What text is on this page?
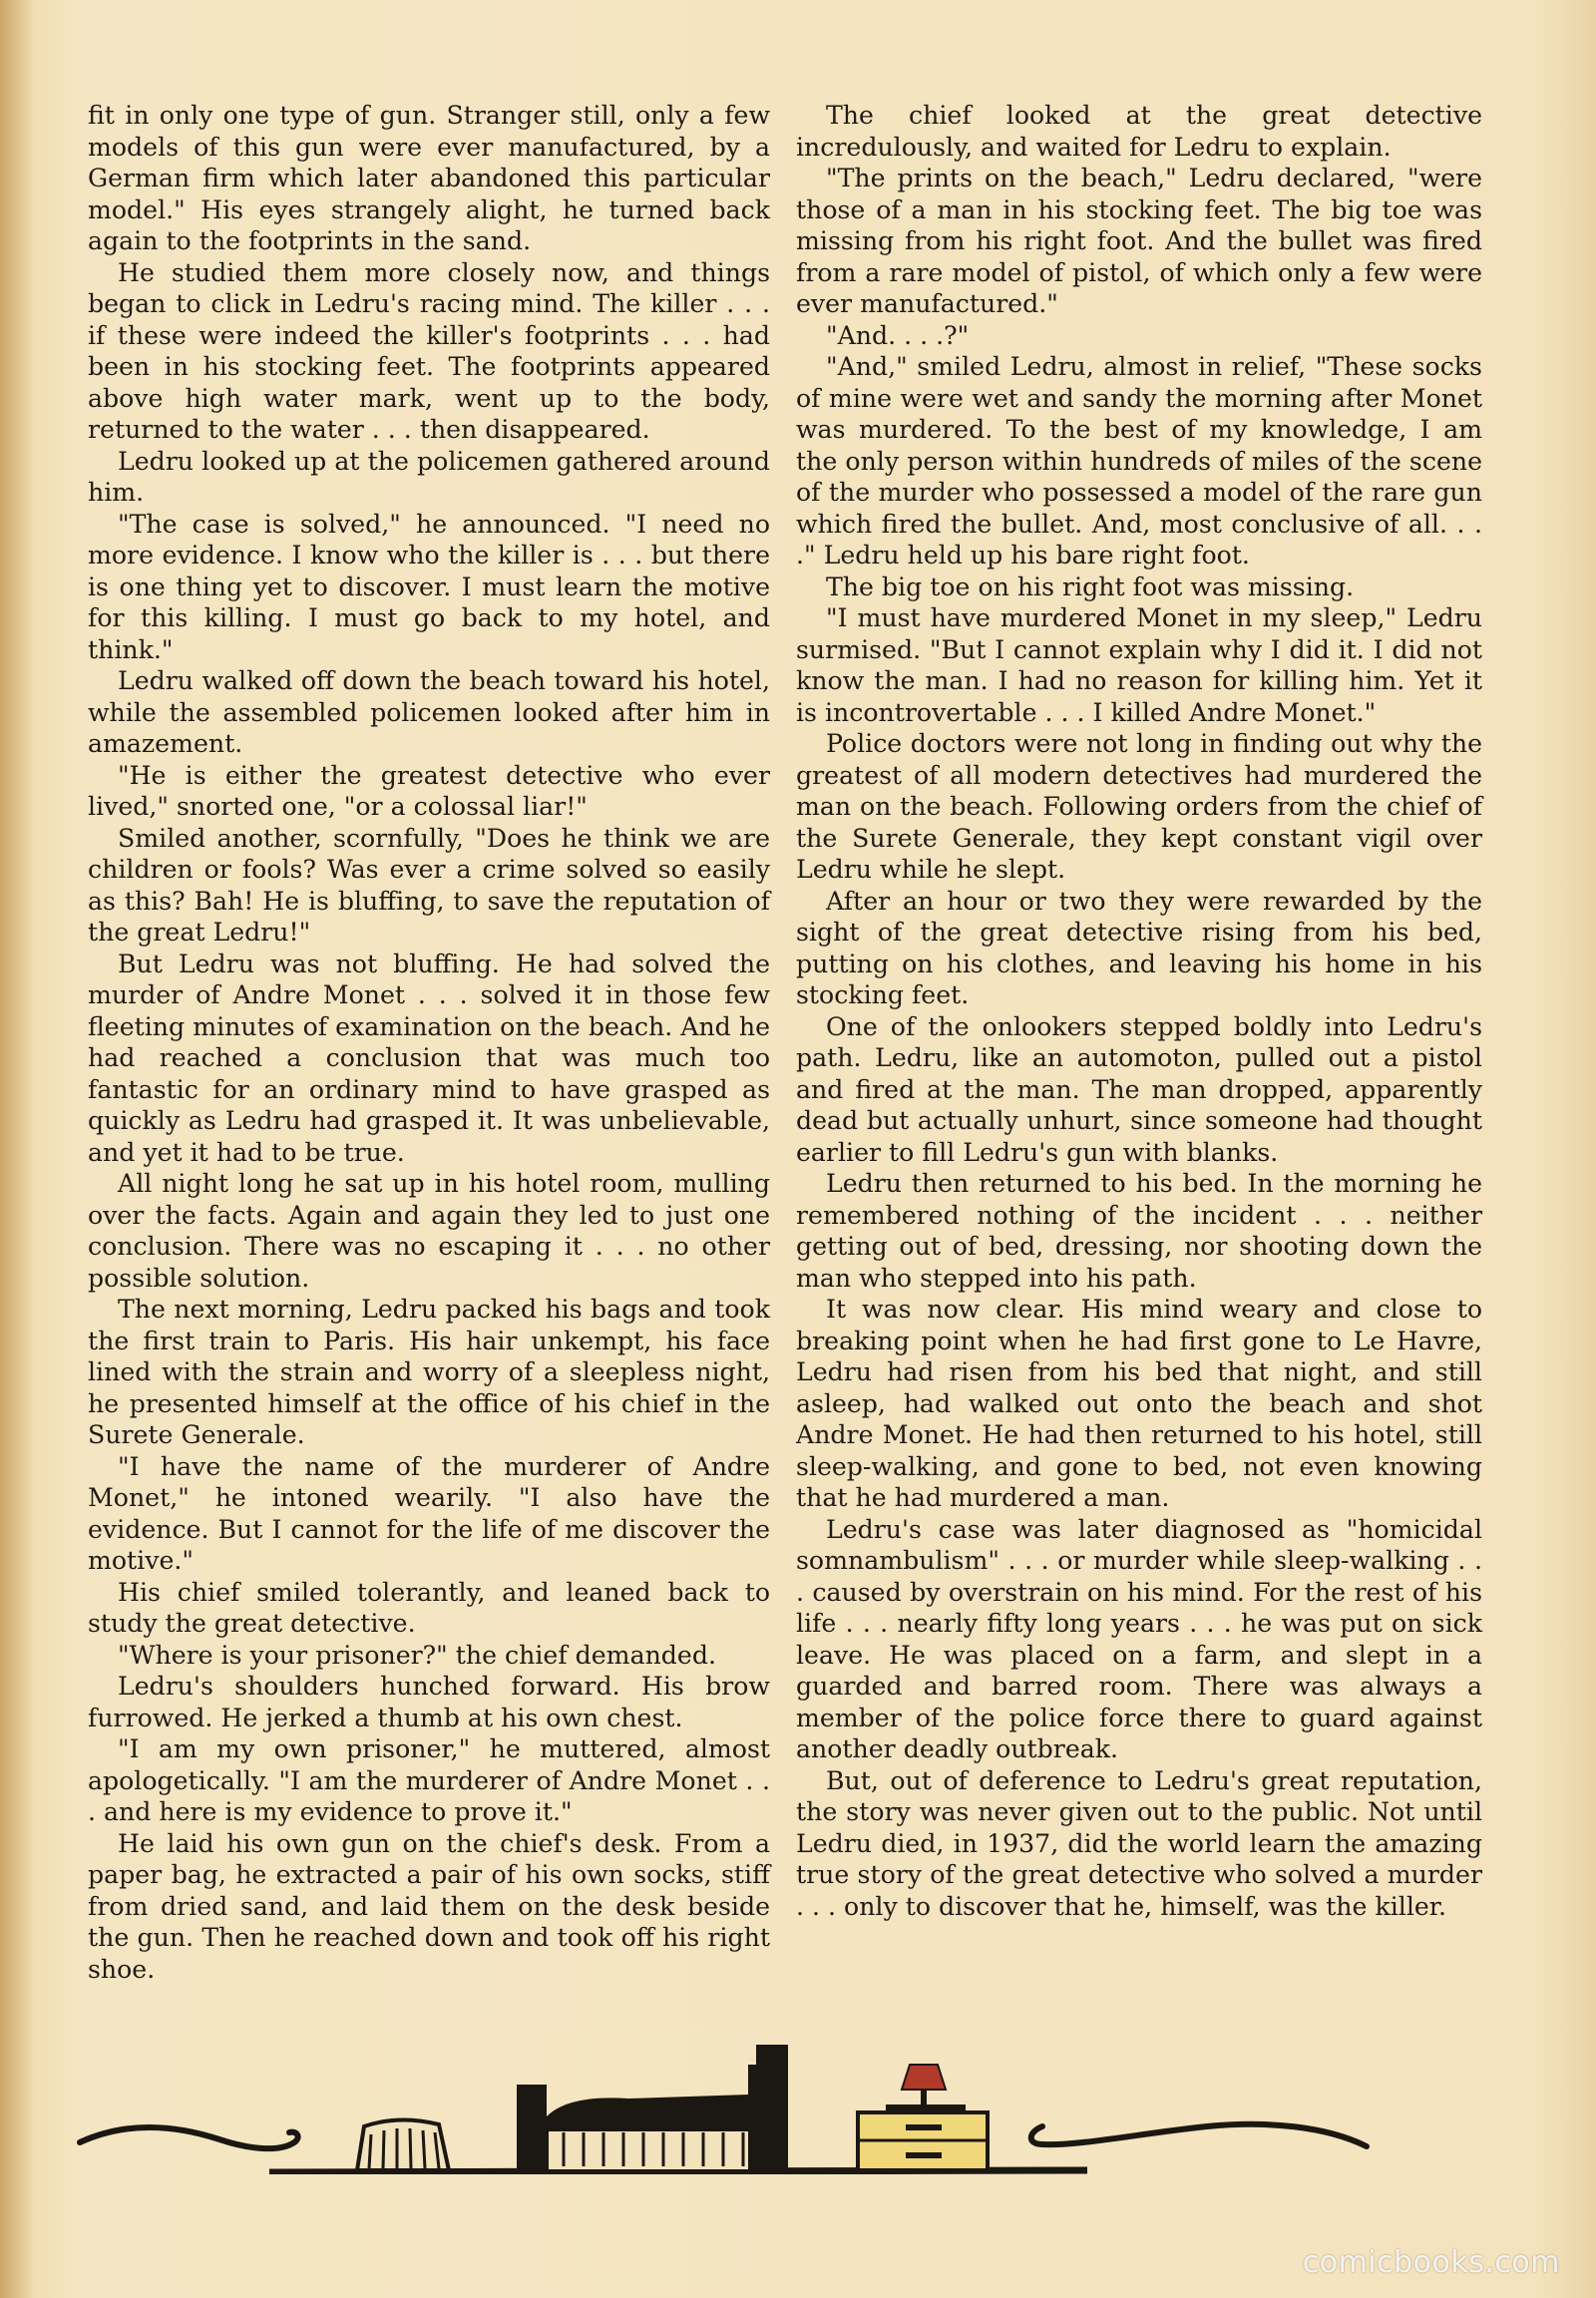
fit in only one type of gun. Stranger still, only a few models of this gun were ever manufactured, by a German firm which later abandoned this particular model." His eyes strangely alight, he turned back again to the footprints in the sand.

He studied them more closely now, and things began to click in Ledru's racing mind. The killer . . . if these were indeed the killer's footprints . . . had been in his stocking feet. The footprints appeared above high water mark, went up to the body, returned to the water . . . then disappeared.

Ledru looked up at the policemen gathered around him.

"The case is solved," he announced. "I need no more evidence. I know who the killer is . . . but there is one thing yet to discover. I must learn the motive for this killing. I must go back to my hotel, and think."

Ledru walked off down the beach toward his hotel, while the assembled policemen looked after him in amazement.

"He is either the greatest detective who ever lived," snorted one, "or a colossal liar!"

Smiled another, scornfully, "Does he think we are children or fools? Was ever a crime solved so easily as this? Bah! He is bluffing, to save the reputation of the great Ledru!"

But Ledru was not bluffing. He had solved the murder of Andre Monet . . . solved it in those few fleeting minutes of examination on the beach. And he had reached a conclusion that was much too fantastic for an ordinary mind to have grasped as quickly as Ledru had grasped it. It was unbelievable, and yet it had to be true.

All night long he sat up in his hotel room, mulling over the facts. Again and again they led to just one conclusion. There was no escaping it . . . no other possible solution.

The next morning, Ledru packed his bags and took the first train to Paris. His hair unkempt, his face lined with the strain and worry of a sleepless night, he presented himself at the office of his chief in the Surete Generale.

"I have the name of the murderer of Andre Monet," he intoned wearily. "I also have the evidence. But I cannot for the life of me discover the motive."

His chief smiled tolerantly, and leaned back to study the great detective.

"Where is your prisoner?" the chief demanded.

Ledru's shoulders hunched forward. His brow furrowed. He jerked a thumb at his own chest.

"I am my own prisoner," he muttered, almost apologetically. "I am the murderer of Andre Monet . . . and here is my evidence to prove it."

He laid his own gun on the chief's desk. From a paper bag, he extracted a pair of his own socks, stiff from dried sand, and laid them on the desk beside the gun. Then he reached down and took off his right shoe.

The chief looked at the great detective incredulously, and waited for Ledru to explain.

"The prints on the beach," Ledru declared, "were those of a man in his stocking feet. The big toe was missing from his right foot. And the bullet was fired from a rare model of pistol, of which only a few were ever manufactured."

"And. . . .?"

"And," smiled Ledru, almost in relief, "These socks of mine were wet and sandy the morning after Monet was murdered. To the best of my knowledge, I am the only person within hundreds of miles of the scene of the murder who possessed a model of the rare gun which fired the bullet. And, most conclusive of all. . . ." Ledru held up his bare right foot.

The big toe on his right foot was missing.

"I must have murdered Monet in my sleep," Ledru surmised. "But I cannot explain why I did it. I did not know the man. I had no reason for killing him. Yet it is incontrovertable . . . I killed Andre Monet."

Police doctors were not long in finding out why the greatest of all modern detectives had murdered the man on the beach. Following orders from the chief of the Surete Generale, they kept constant vigil over Ledru while he slept.

After an hour or two they were rewarded by the sight of the great detective rising from his bed, putting on his clothes, and leaving his home in his stocking feet.

One of the onlookers stepped boldly into Ledru's path. Ledru, like an automoton, pulled out a pistol and fired at the man. The man dropped, apparently dead but actually unhurt, since someone had thought earlier to fill Ledru's gun with blanks.

Ledru then returned to his bed. In the morning he remembered nothing of the incident . . . neither getting out of bed, dressing, nor shooting down the man who stepped into his path.

It was now clear. His mind weary and close to breaking point when he had first gone to Le Havre, Ledru had risen from his bed that night, and still asleep, had walked out onto the beach and shot Andre Monet. He had then returned to his hotel, still sleep-walking, and gone to bed, not even knowing that he had murdered a man.

Ledru's case was later diagnosed as "homicidal somnambulism" . . . or murder while sleep-walking . . . caused by overstrain on his mind. For the rest of his life . . . nearly fifty long years . . . he was put on sick leave. He was placed on a farm, and slept in a guarded and barred room. There was always a member of the police force there to guard against another deadly outbreak.

But, out of deference to Ledru's great reputation, the story was never given out to the public. Not until Ledru died, in 1937, did the world learn the amazing true story of the great detective who solved a murder . . . only to discover that he, himself, was the killer.

comicbooks.com
